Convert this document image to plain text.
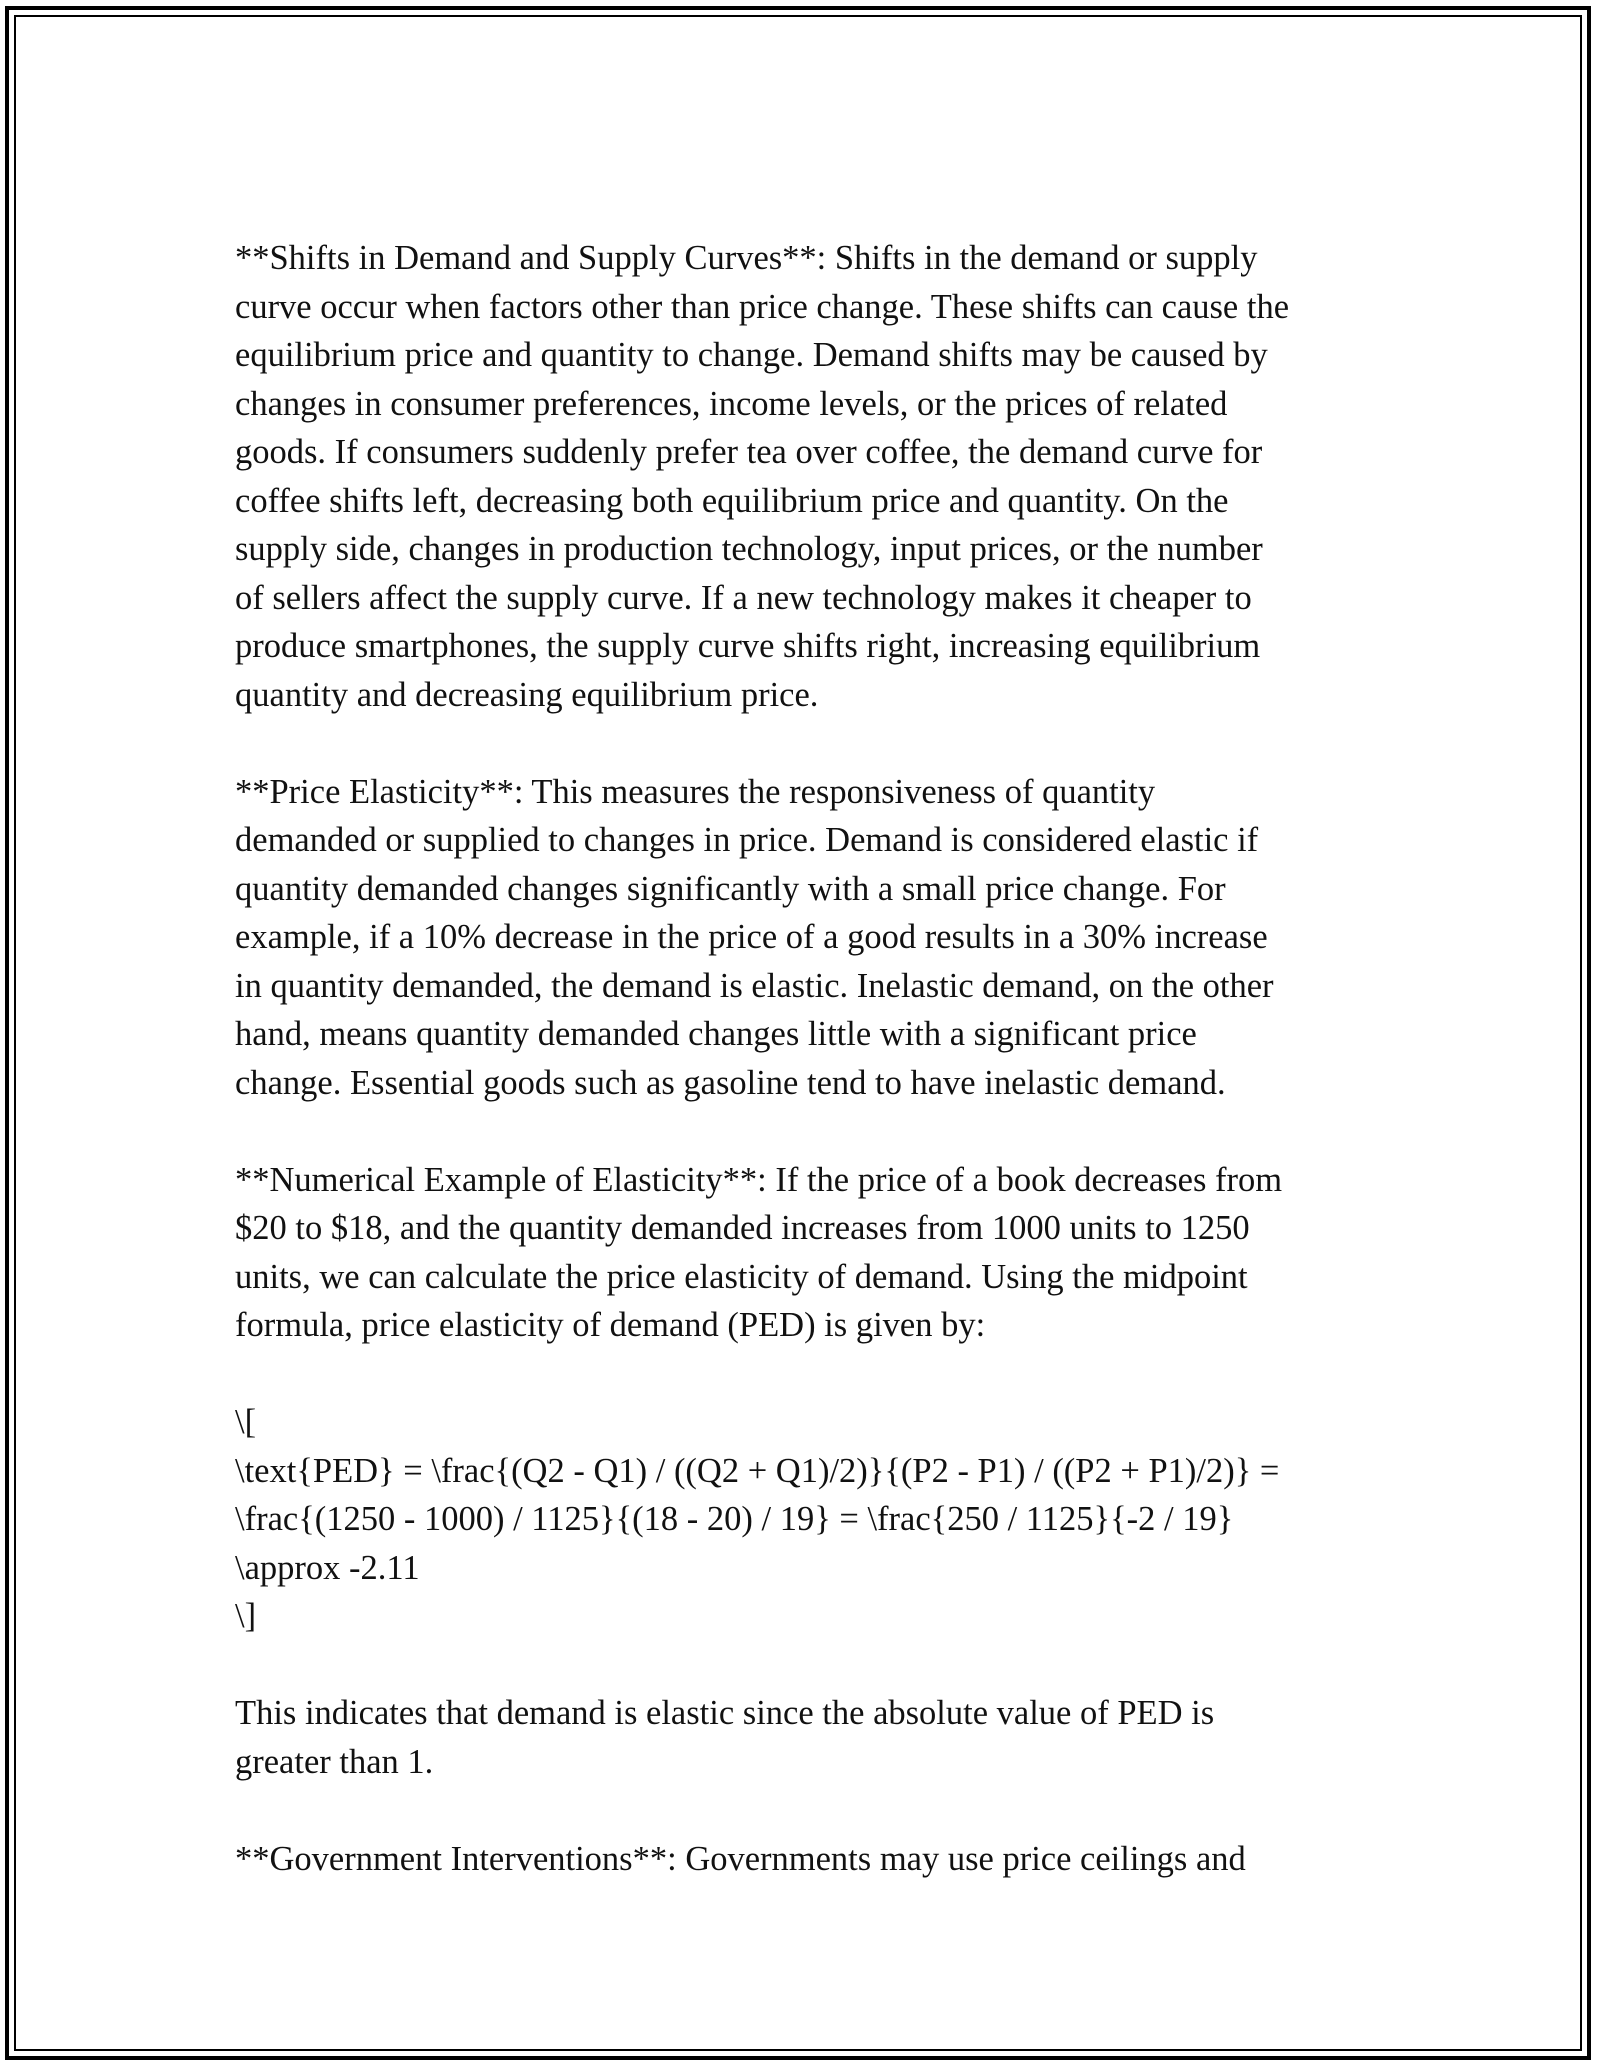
**Shifts in Demand and Supply Curves**: Shifts in the demand or supply
curve occur when factors other than price change. These shifts can cause the
equilibrium price and quantity to change. Demand shifts may be caused by
changes in consumer preferences, income levels, or the prices of related
goods. If consumers suddenly prefer tea over coffee, the demand curve for
coffee shifts left, decreasing both equilibrium price and quantity. On the
supply side, changes in production technology, input prices, or the number
of sellers affect the supply curve. If a new technology makes it cheaper to
produce smartphones, the supply curve shifts right, increasing equilibrium
quantity and decreasing equilibrium price.

**Price Elasticity**: This measures the responsiveness of quantity
demanded or supplied to changes in price. Demand is considered elastic if
quantity demanded changes significantly with a small price change. For
example, if a 10% decrease in the price of a good results in a 30% increase
in quantity demanded, the demand is elastic. Inelastic demand, on the other
hand, means quantity demanded changes little with a significant price
change. Essential goods such as gasoline tend to have inelastic demand.

**Numerical Example of Elasticity**: If the price of a book decreases from
$20 to $18, and the quantity demanded increases from 1000 units to 1250
units, we can calculate the price elasticity of demand. Using the midpoint
formula, price elasticity of demand (PED) is given by:

\[
\text{PED} = \frac{(Q2 - Q1) / ((Q2 + Q1)/2)}{(P2 - P1) / ((P2 + P1)/2)} =
\frac{(1250 - 1000) / 1125}{(18 - 20) / 19} = \frac{250 / 1125}{-2 / 19}
\approx -2.11
\]

This indicates that demand is elastic since the absolute value of PED is
greater than 1.

**Government Interventions**: Governments may use price ceilings and
